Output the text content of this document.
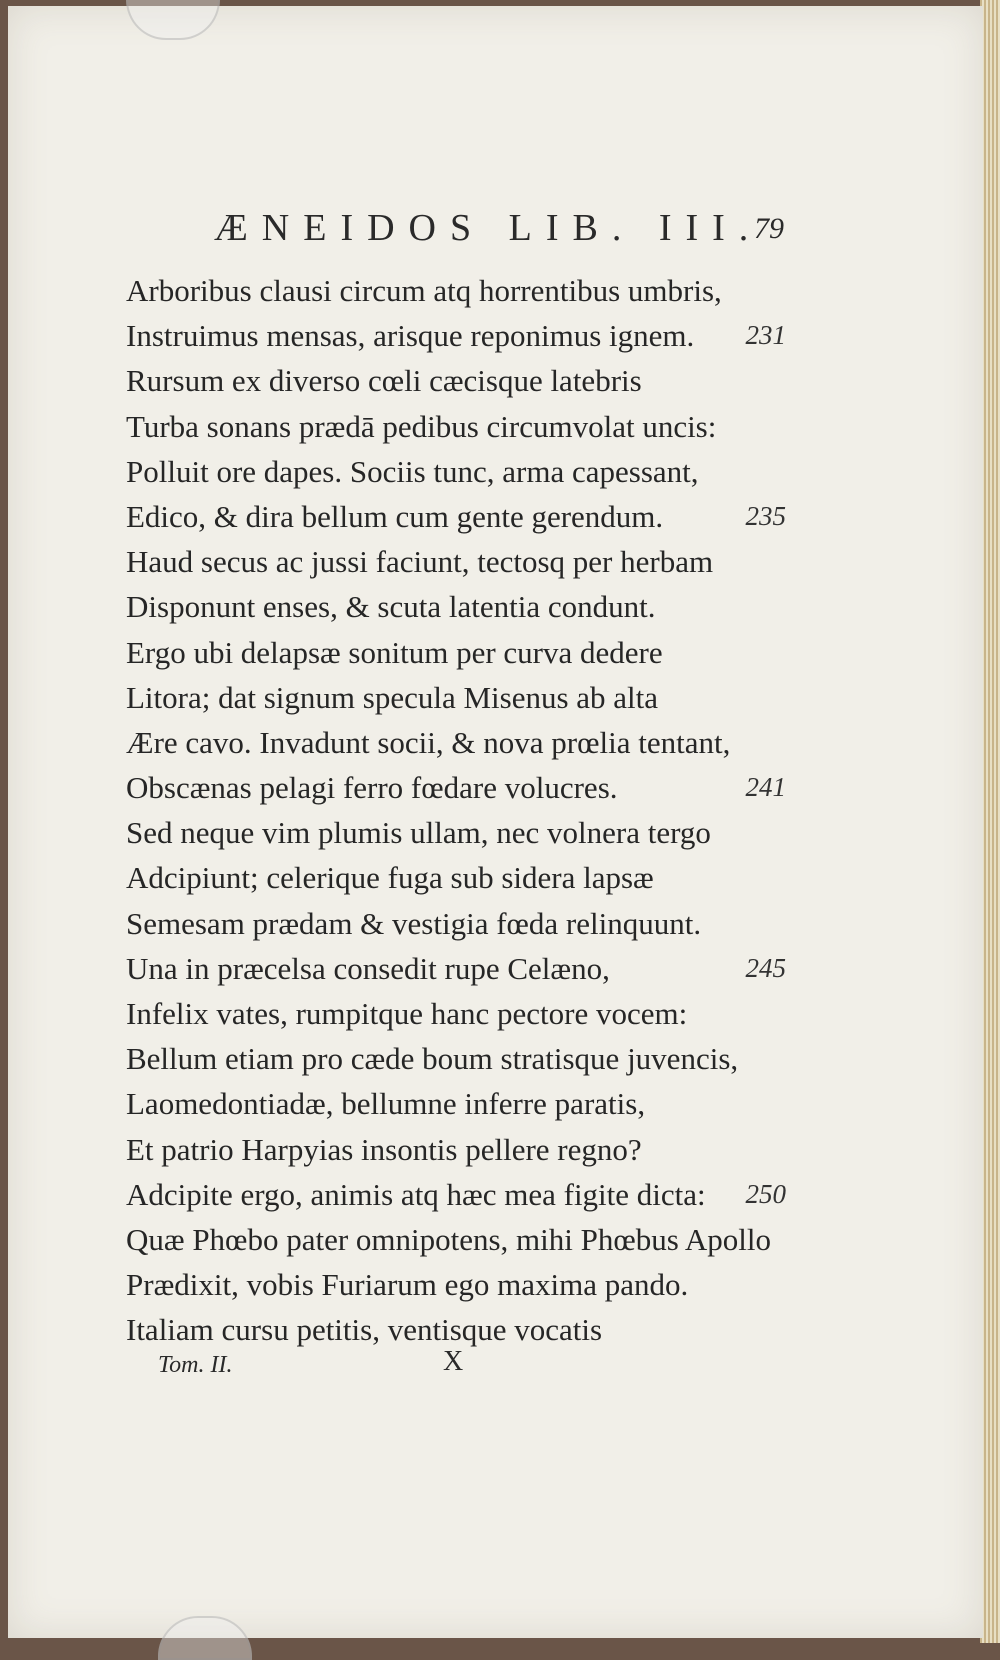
ÆNEIDOS LIB. III.
79
Arboribus clausi circum atq horrentibus umbris,
Instruimus mensas, arisque reponimus ignem. 231
Rursum ex diverso cœli cæcisque latebris
Turba sonans prædā pedibus circumvolat uncis:
Polluit ore dapes. Sociis tunc, arma capessant,
Edico, & dira bellum cum gente gerendum.	235
Haud secus ac jussi faciunt, tectosq per herbam
Disponunt enses, & scuta latentia condunt.
Ergo ubi delapsæ sonitum per curva dedere
Litora; dat signum specula Misenus ab alta
Ære cavo. Invadunt socii, & nova prœlia tentant,
Obscænas pelagi ferro fœdare volucres.	241
Sed neque vim plumis ullam, nec volnera tergo
Adcipiunt; celerique fuga sub sidera lapsæ
Semesam prædam & vestigia fœda relinquunt.
Una in præcelsa consedit rupe Celæno,	245
Infelix vates, rumpitque hanc pectore vocem:
Bellum etiam pro cæde boum stratisque juvencis,
Laomedontiadæ, bellumne inferre paratis,
Et patrio Harpyias insontis pellere regno?
Adcipite ergo, animis atq hæc mea figite dicta: 250
Quæ Phœbo pater omnipotens, mihi Phœbus Apollo
Prædixit, vobis Furiarum ego maxima pando.
Italiam cursu petitis, ventisque vocatis
Tom. II.	X
